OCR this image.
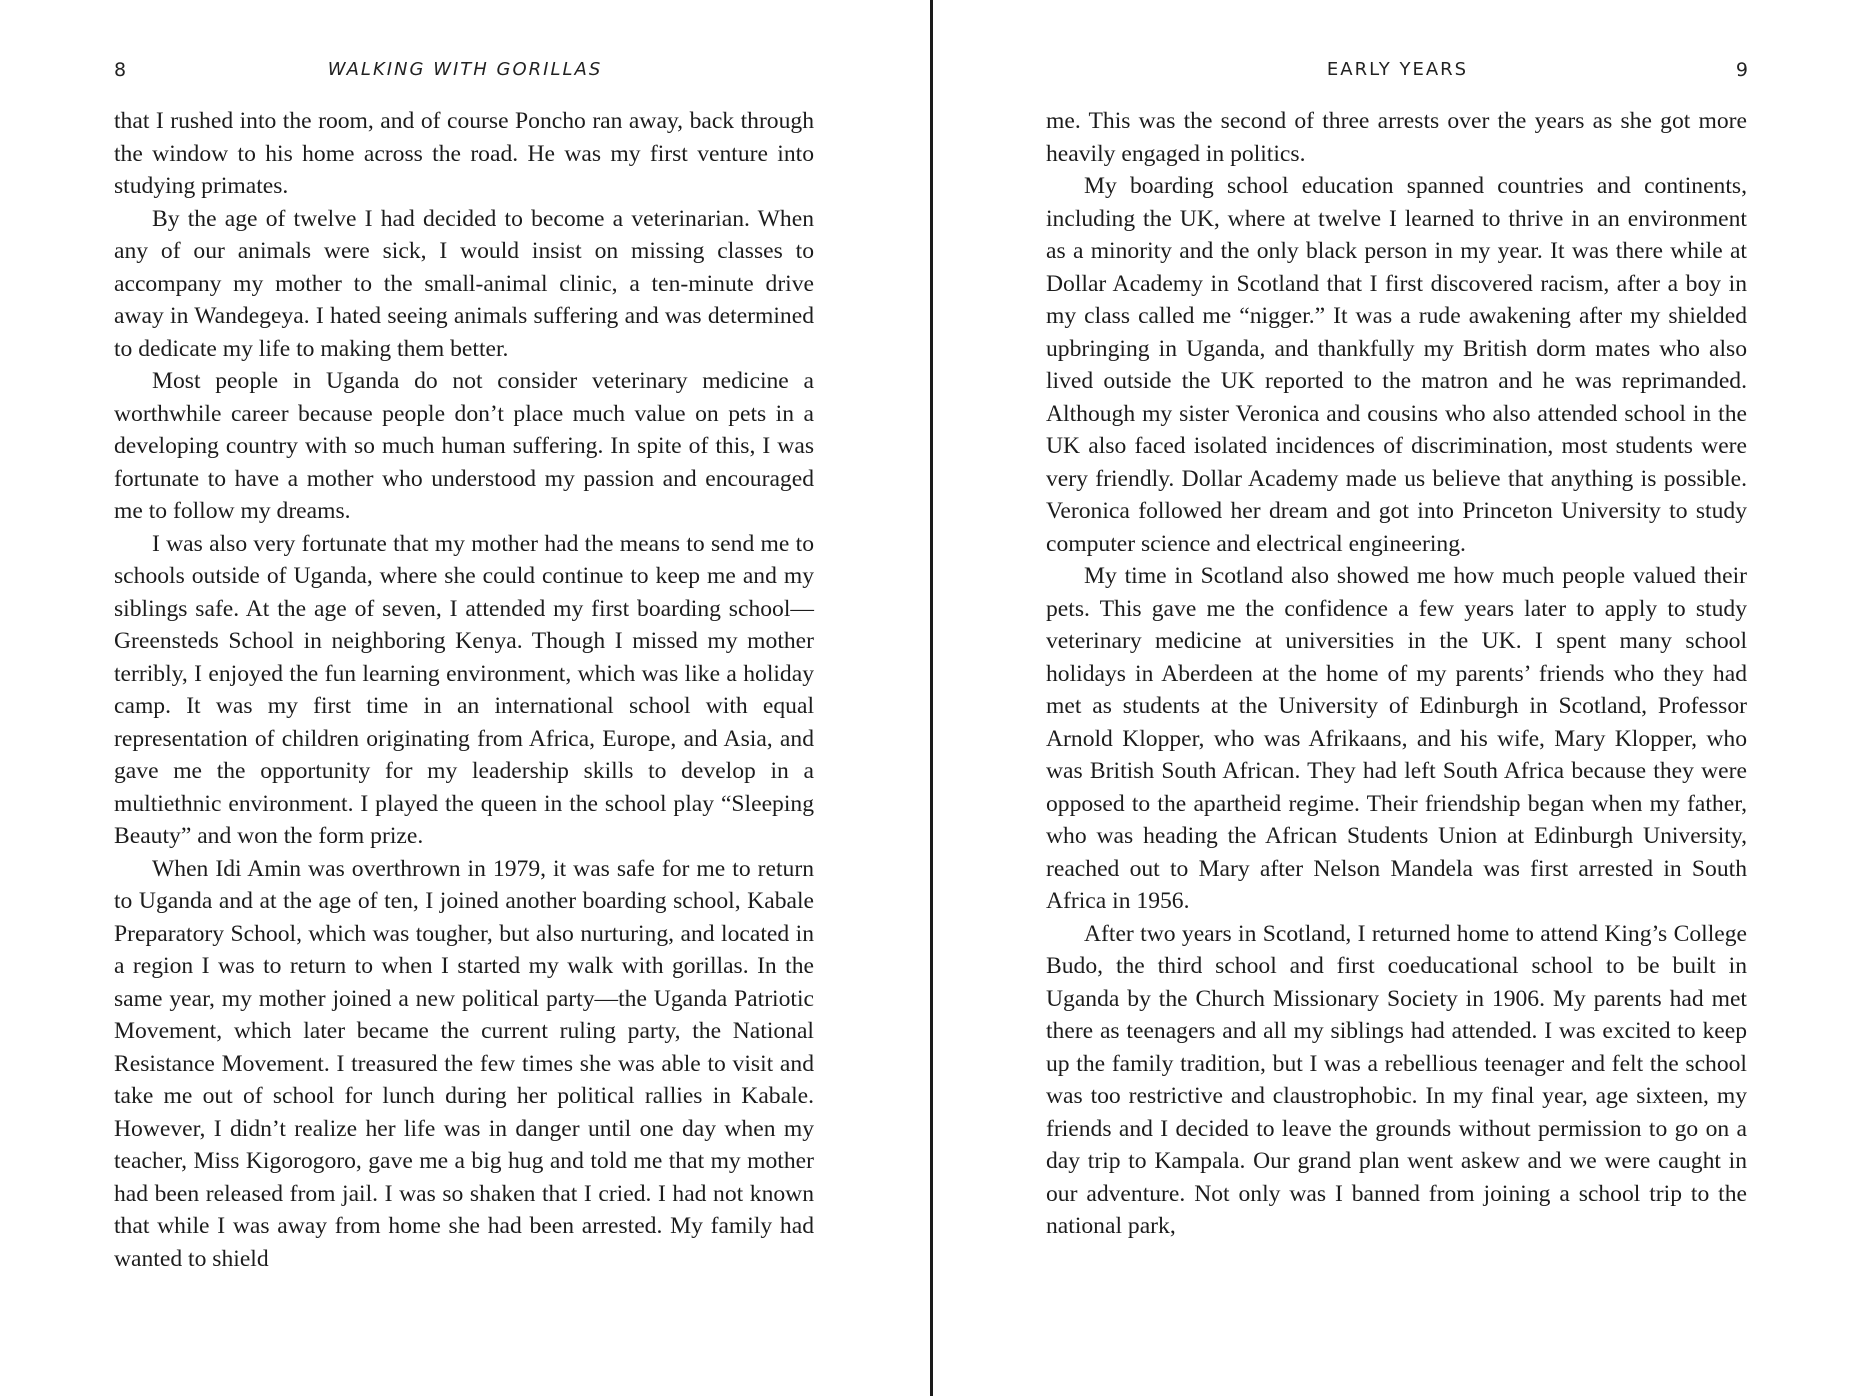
8	WALKING WITH GORILLAS

that I rushed into the room, and of course Poncho ran away, back through the window to his home across the road. He was my first venture into studying primates.

By the age of twelve I had decided to become a veterinarian. When any of our animals were sick, I would insist on missing classes to accompany my mother to the small-animal clinic, a ten-minute drive away in Wandegeya. I hated seeing animals suffering and was determined to dedicate my life to making them better.

Most people in Uganda do not consider veterinary medicine a worthwhile career because people don’t place much value on pets in a developing country with so much human suffering. In spite of this, I was fortunate to have a mother who understood my passion and encouraged me to follow my dreams.

I was also very fortunate that my mother had the means to send me to schools outside of Uganda, where she could continue to keep me and my siblings safe. At the age of seven, I attended my first boarding school—Greensteds School in neighboring Kenya. Though I missed my mother terribly, I enjoyed the fun learning environment, which was like a holiday camp. It was my first time in an international school with equal representation of children originating from Africa, Europe, and Asia, and gave me the opportunity for my leadership skills to develop in a multiethnic environment. I played the queen in the school play “Sleeping Beauty” and won the form prize.

When Idi Amin was overthrown in 1979, it was safe for me to return to Uganda and at the age of ten, I joined another boarding school, Kabale Preparatory School, which was tougher, but also nurturing, and located in a region I was to return to when I started my walk with gorillas. In the same year, my mother joined a new political party—the Uganda Patriotic Movement, which later became the current ruling party, the National Resistance Movement. I treasured the few times she was able to visit and take me out of school for lunch during her political rallies in Kabale. However, I didn’t realize her life was in danger until one day when my teacher, Miss Kigorogoro, gave me a big hug and told me that my mother had been released from jail. I was so shaken that I cried. I had not known that while I was away from home she had been arrested. My family had wanted to shield

EARLY YEARS	9

me. This was the second of three arrests over the years as she got more heavily engaged in politics.

My boarding school education spanned countries and continents, including the UK, where at twelve I learned to thrive in an environment as a minority and the only black person in my year. It was there while at Dollar Academy in Scotland that I first discovered racism, after a boy in my class called me “nigger.” It was a rude awakening after my shielded upbringing in Uganda, and thankfully my British dorm mates who also lived outside the UK reported to the matron and he was reprimanded. Although my sister Veronica and cousins who also attended school in the UK also faced isolated incidences of discrimination, most students were very friendly. Dollar Academy made us believe that anything is possible. Veronica followed her dream and got into Princeton University to study computer science and electrical engineering.

My time in Scotland also showed me how much people valued their pets. This gave me the confidence a few years later to apply to study veterinary medicine at universities in the UK. I spent many school holidays in Aberdeen at the home of my parents’ friends who they had met as students at the University of Edinburgh in Scotland, Professor Arnold Klopper, who was Afrikaans, and his wife, Mary Klopper, who was British South African. They had left South Africa because they were opposed to the apartheid regime. Their friendship began when my father, who was heading the African Students Union at Edinburgh University, reached out to Mary after Nelson Mandela was first arrested in South Africa in 1956.

After two years in Scotland, I returned home to attend King’s College Budo, the third school and first coeducational school to be built in Uganda by the Church Missionary Society in 1906. My parents had met there as teenagers and all my siblings had attended. I was excited to keep up the family tradition, but I was a rebellious teenager and felt the school was too restrictive and claustrophobic. In my final year, age sixteen, my friends and I decided to leave the grounds without permission to go on a day trip to Kampala. Our grand plan went askew and we were caught in our adventure. Not only was I banned from joining a school trip to the national park,
